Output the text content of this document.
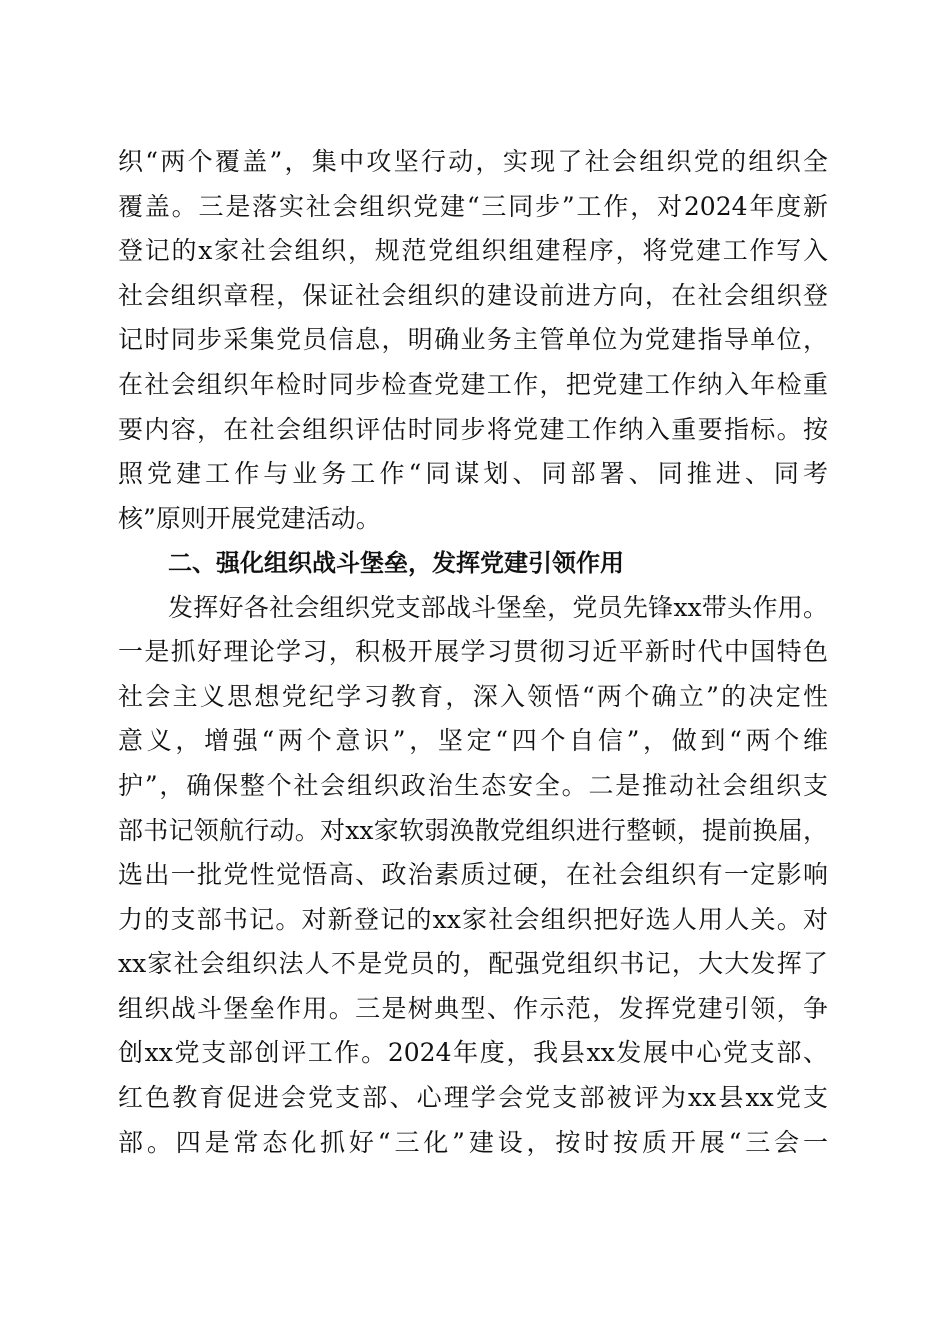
织“两个覆盖”，集中攻坚行动，实现了社会组织党的组织全
覆盖。三是落实社会组织党建“三同步”工作，对2024年度新
登记的x家社会组织，规范党组织组建程序，将党建工作写入
社会组织章程，保证社会组织的建设前进方向，在社会组织登
记时同步采集党员信息，明确业务主管单位为党建指导单位，
在社会组织年检时同步检查党建工作，把党建工作纳入年检重
要内容，在社会组织评估时同步将党建工作纳入重要指标。按
照党建工作与业务工作“同谋划、同部署、同推进、同考
核”原则开展党建活动。
二、强化组织战斗堡垒，发挥党建引领作用
发挥好各社会组织党支部战斗堡垒，党员先锋xx带头作用。
一是抓好理论学习，积极开展学习贯彻习近平新时代中国特色
社会主义思想党纪学习教育，深入领悟“两个确立”的决定性
意义，增强“两个意识”，坚定“四个自信”，做到“两个维
护”，确保整个社会组织政治生态安全。二是推动社会组织支
部书记领航行动。对xx家软弱涣散党组织进行整顿，提前换届，
选出一批党性觉悟高、政治素质过硬，在社会组织有一定影响
力的支部书记。对新登记的xx家社会组织把好选人用人关。对
xx家社会组织法人不是党员的，配强党组织书记，大大发挥了
组织战斗堡垒作用。三是树典型、作示范，发挥党建引领，争
创xx党支部创评工作。2024年度，我县xx发展中心党支部、
红色教育促进会党支部、心理学会党支部被评为xx县xx党支
部。四是常态化抓好“三化”建设，按时按质开展“三会一
